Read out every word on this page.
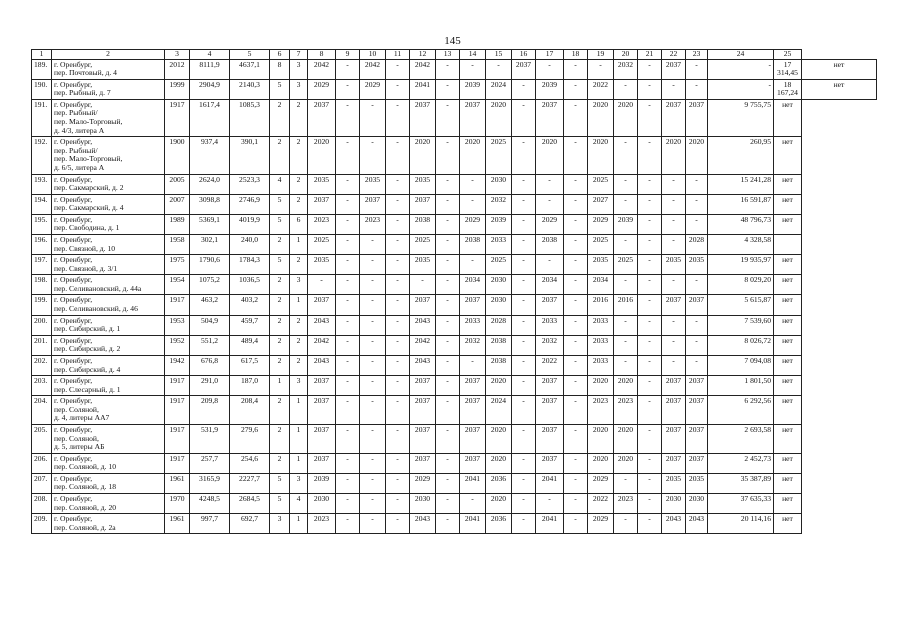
145
1	2	3	4	5	6	7	8	9	10	11	12	13	14	15	16	17	18	19	20	21	22	23	24	25	
189.	г. Оренбург,
пер. Почтовый, д. 4	2012	8111,9	4637,1	8	3	2042	-	2042	-	2042	-	-	-	2037	-	-	-	2032	-	2037	-	-	17 314,45	нет
190.	г. Оренбург,
пер. Рыбный, д. 7	1999	2904,9	2140,3	5	3	2029	-	2029	-	2041	-	2039	2024	-	2039	-	2022	-	-	-	-	-	18 167,24	нет
191.	г. Оренбург,
пер. Рыбный/
пер. Мало-Торговый,
д. 4/3, литера А	1917	1617,4	1085,3	2	2	2037	-	-	-	2037	-	2037	2020	-	2037	-	2020	2020	-	2037	2037	9 755,75	нет	
192.	г. Оренбург,
пер. Рыбный/
пер. Мало-Торговый,
д. 6/5, литера А	1900	937,4	390,1	2	2	2020	-	-	-	2020	-	2020	2025	-	2020	-	2020	-	-	2020	2020	260,95	нет	
193.	г. Оренбург,
пер. Сакмарский, д. 2	2005	2624,0	2523,3	4	2	2035	-	2035	-	2035	-	-	2030	-	-	-	2025	-	-	-	-	15 241,28	нет	
194.	г. Оренбург,
пер. Сакмарский, д. 4	2007	3098,8	2746,9	5	2	2037	-	2037	-	2037	-	-	2032	-	-	-	2027	-	-	-	-	16 591,87	нет	
195.	г. Оренбург,
пер. Свободина, д. 1	1989	5369,1	4019,9	5	6	2023	-	2023	-	2038	-	2029	2039	-	2029	-	2029	2039	-	-	-	48 796,73	нет	
196.	г. Оренбург,
пер. Связной, д. 10	1958	302,1	240,0	2	1	2025	-	-	-	2025	-	2038	2033	-	2038	-	2025	-	-	-	2028	4 328,58		
197.	г. Оренбург,
пер. Связной, д. 3/1	1975	1790,6	1784,3	5	2	2035	-	-	-	2035	-	-	2025	-	-	-	2035	2025	-	2035	2035	19 935,97	нет	
198.	г. Оренбург,
пер. Селивановский, д. 44а	1954	1075,2	1036,5	2	3	-	-	-	-	-	-	2034	2030	-	2034	-	2034	-	-	-	-	8 029,20	нет	
199.	г. Оренбург,
пер. Селивановский, д. 46	1917	463,2	403,2	2	1	2037	-	-	-	2037	-	2037	2030	-	2037	-	2016	2016	-	2037	2037	5 615,87	нет	
200.	г. Оренбург,
пер. Сибирский, д. 1	1953	504,9	459,7	2	2	2043	-	-	-	2043	-	2033	2028	-	2033	-	2033	-	-	-	-	7 539,60	нет	
201.	г. Оренбург,
пер. Сибирский, д. 2	1952	551,2	489,4	2	2	2042	-	-	-	2042	-	2032	2038	-	2032	-	2033	-	-	-	-	8 026,72	нет	
202.	г. Оренбург,
пер. Сибирский, д. 4	1942	676,8	617,5	2	2	2043	-	-	-	2043	-	-	2038	-	2022	-	2033	-	-	-	-	7 094,08	нет	
203.	г. Оренбург,
пер. Слесарный, д. 1	1917	291,0	187,0	1	3	2037	-	-	-	2037	-	2037	2020	-	2037	-	2020	2020	-	2037	2037	1 801,50	нет	
204.	г. Оренбург,
пер. Соляной,
д. 4, литеры АА7	1917	209,8	208,4	2	1	2037	-	-	-	2037	-	2037	2024	-	2037	-	2023	2023	-	2037	2037	6 292,56	нет	
205.	г. Оренбург,
пер. Соляной,
д. 5, литеры АБ	1917	531,9	279,6	2	1	2037	-	-	-	2037	-	2037	2020	-	2037	-	2020	2020	-	2037	2037	2 693,58	нет	
206.	г. Оренбург,
пер. Соляной, д. 10	1917	257,7	254,6	2	1	2037	-	-	-	2037	-	2037	2020	-	2037	-	2020	2020	-	2037	2037	2 452,73	нет	
207.	г. Оренбург,
пер. Соляной, д. 18	1961	3165,9	2227,7	5	3	2039	-	-	-	2029	-	2041	2036	-	2041	-	2029	-	-	2035	2035	35 387,89	нет	
208.	г. Оренбург,
пер. Соляной, д. 20	1970	4248,5	2684,5	5	4	2030	-	-	-	2030	-	-	2020	-	-	-	2022	2023	-	2030	2030	37 635,33	нет	
209.	г. Оренбург,
пер. Соляной, д. 2а	1961	997,7	692,7	3	1	2023	-	-	-	2043	-	2041	2036	-	2041	-	2029	-	-	2043	2043	20 114,16	нет	
